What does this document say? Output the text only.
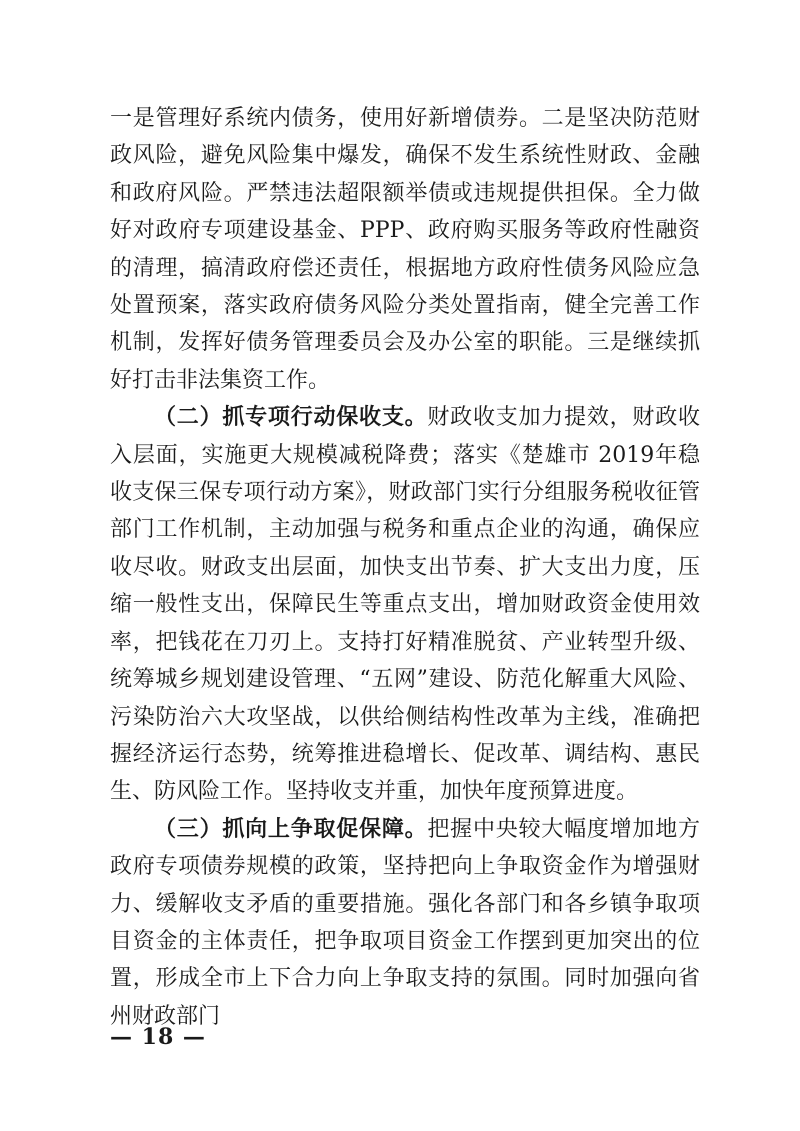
一是管理好系统内债务，使用好新增债券。二是坚决防范财政风险，避免风险集中爆发，确保不发生系统性财政、金融和政府风险。严禁违法超限额举债或违规提供担保。全力做好对政府专项建设基金、PPP、政府购买服务等政府性融资的清理，搞清政府偿还责任，根据地方政府性债务风险应急处置预案，落实政府债务风险分类处置指南，健全完善工作机制，发挥好债务管理委员会及办公室的职能。三是继续抓好打击非法集资工作。

（二）抓专项行动保收支。财政收支加力提效，财政收入层面，实施更大规模减税降费；落实《楚雄市 2019年稳收支保三保专项行动方案》，财政部门实行分组服务税收征管部门工作机制，主动加强与税务和重点企业的沟通，确保应收尽收。财政支出层面，加快支出节奏、扩大支出力度，压缩一般性支出，保障民生等重点支出，增加财政资金使用效率，把钱花在刀刃上。支持打好精准脱贫、产业转型升级、统筹城乡规划建设管理、“五网”建设、防范化解重大风险、污染防治六大攻坚战，以供给侧结构性改革为主线，准确把握经济运行态势，统筹推进稳增长、促改革、调结构、惠民生、防风险工作。坚持收支并重，加快年度预算进度。

（三）抓向上争取促保障。把握中央较大幅度增加地方政府专项债券规模的政策，坚持把向上争取资金作为增强财力、缓解收支矛盾的重要措施。强化各部门和各乡镇争取项目资金的主体责任，把争取项目资金工作摆到更加突出的位置，形成全市上下合力向上争取支持的氛围。同时加强向省州财政部门

— 18 —
